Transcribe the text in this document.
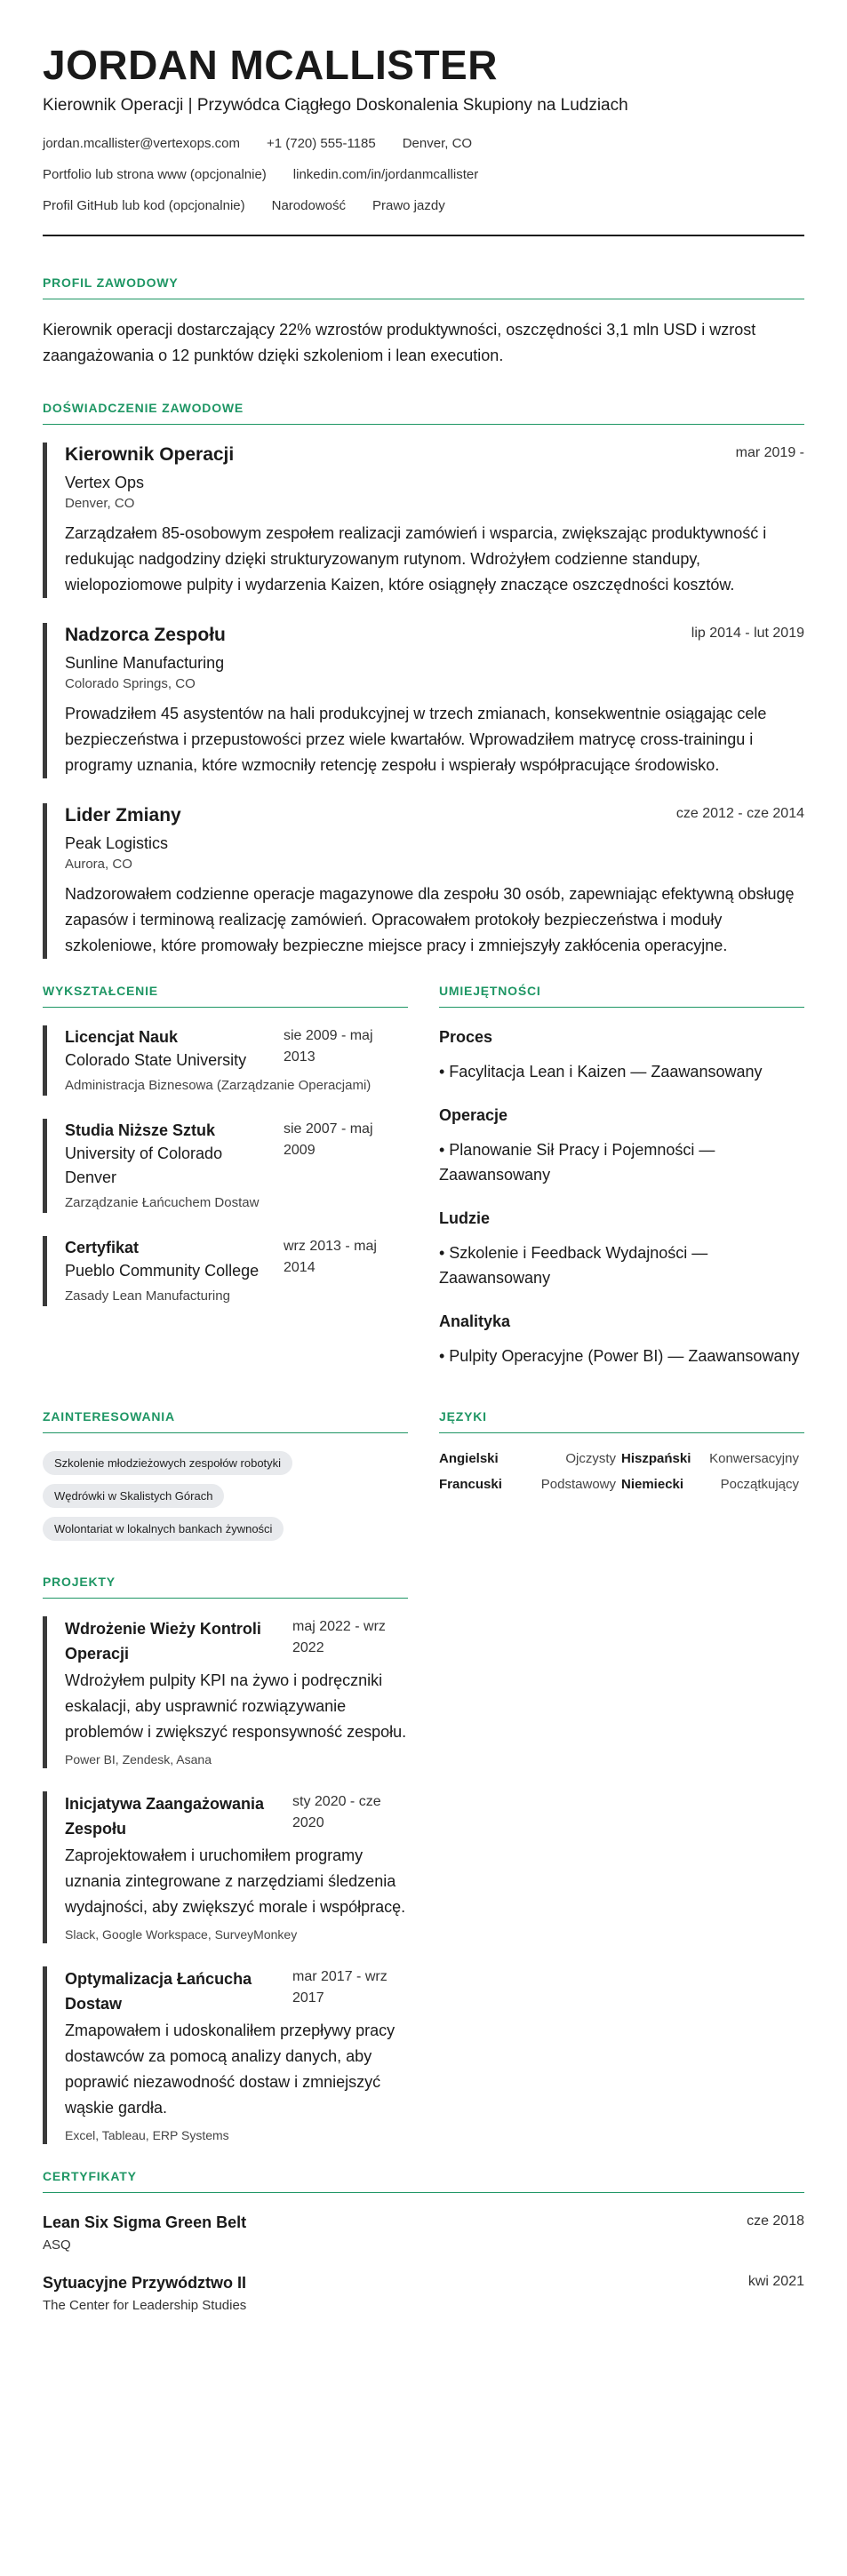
JORDAN MCALLISTER
Kierownik Operacji | Przywódca Ciągłego Doskonalenia Skupiony na Ludziach
jordan.mcallister@vertexops.com +1 (720) 555-1185 Denver, CO
Portfolio lub strona www (opcjonalnie) linkedin.com/in/jordanmcallister
Profil GitHub lub kod (opcjonalnie) Narodowość Prawo jazdy
PROFIL ZAWODOWY

Kierownik operacji dostarczający 22% wzrostów produktywności, oszczędności 3,1 mln USD i wzrost zaangażowania o 12 punktów dzięki szkoleniom i lean execution.

DOŚWIADCZENIE ZAWODOWE
Kierownik Operacji	mar 2019 -
Vertex Ops
Denver, CO
Zarządzałem 85-osobowym zespołem realizacji zamówień i wsparcia, zwiększając produktywność i redukując nadgodziny dzięki strukturyzowanym rutynom. Wdrożyłem codzienne standupy, wielopoziomowe pulpity i wydarzenia Kaizen, które osiągnęły znaczące oszczędności kosztów.
Nadzorca Zespołu	lip 2014 - lut 2019
Sunline Manufacturing
Colorado Springs, CO
Prowadziłem 45 asystentów na hali produkcyjnej w trzech zmianach, konsekwentnie osiągając cele bezpieczeństwa i przepustowości przez wiele kwartałów. Wprowadziłem matrycę cross-trainingu i programy uznania, które wzmocniły retencję zespołu i wspierały współpracujące środowisko.
Lider Zmiany	cze 2012 - cze 2014
Peak Logistics
Aurora, CO
Nadzorowałem codzienne operacje magazynowe dla zespołu 30 osób, zapewniając efektywną obsługę zapasów i terminową realizację zamówień. Opracowałem protokoły bezpieczeństwa i moduły szkoleniowe, które promowały bezpieczne miejsce pracy i zmniejszyły zakłócenia operacyjne.
WYKSZTAŁCENIE
Licencjat Nauk
Colorado State University
sie 2009 - maj 2013
Administracja Biznesowa (Zarządzanie Operacjami)
Studia Niższe Sztuk
University of Colorado Denver
sie 2007 - maj 2009
Zarządzanie Łańcuchem Dostaw
Certyfikat
Pueblo Community College
wrz 2013 - maj 2014
Zasady Lean Manufacturing
UMIEJĘTNOŚCI
Proces
• Facylitacja Lean i Kaizen — Zaawansowany
Operacje
• Planowanie Sił Pracy i Pojemności — Zaawansowany
Ludzie
• Szkolenie i Feedback Wydajności — Zaawansowany
Analityka
• Pulpity Operacyjne (Power BI) — Zaawansowany
ZAINTERESOWANIA
Szkolenie młodzieżowych zespołów robotyki
Wędrówki w Skalistych Górach
Wolontariat w lokalnych bankach żywności
JĘZYKI
Angielski	Ojczysty Hiszpański Konwersacyjny
Francuski	Podstawowy Niemiecki	Początkujący
PROJEKTY
Wdrożenie Wieży Kontroli Operacji
maj 2022 - wrz 2022
Wdrożyłem pulpity KPI na żywo i podręczniki eskalacji, aby usprawnić rozwiązywanie problemów i zwiększyć responsywność zespołu.
Power BI, Zendesk, Asana
Inicjatywa Zaangażowania Zespołu
sty 2020 - cze 2020
Zaprojektowałem i uruchomiłem programy uznania zintegrowane z narzędziami śledzenia wydajności, aby zwiększyć morale i współpracę.
Slack, Google Workspace, SurveyMonkey
Optymalizacja Łańcucha Dostaw
mar 2017 - wrz 2017
Zmapowałem i udoskonaliłem przepływy pracy dostawców za pomocą analizy danych, aby poprawić niezawodność dostaw i zmniejszyć wąskie gardła.
Excel, Tableau, ERP Systems
CERTYFIKATY
Lean Six Sigma Green Belt
ASQ
cze 2018
Sytuacyjne Przywództwo II
The Center for Leadership Studies
kwi 2021
